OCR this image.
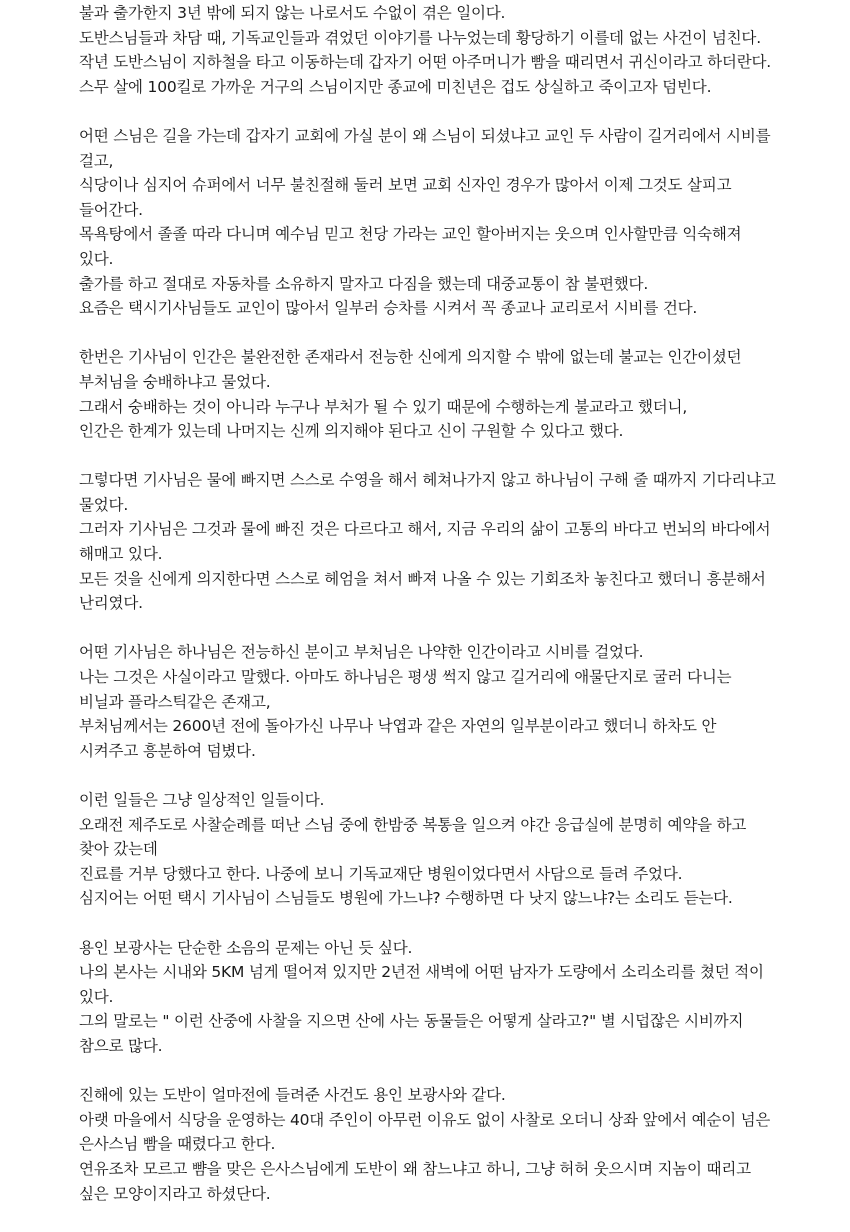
불과 출가한지 3년 밖에 되지 않는 나로서도 수없이 겪은 일이다.
도반스님들과 차담 때, 기독교인들과 겪었던 이야기를 나누었는데 황당하기 이를데 없는 사건이 넘친다.
작년 도반스님이 지하철을 타고 이동하는데 갑자기 어떤 아주머니가 빰을 때리면서 귀신이라고 하더란다.
스무 살에 100킬로 가까운 거구의 스님이지만 종교에 미친년은 겁도 상실하고 죽이고자 덤빈다.
어떤 스님은 길을 가는데 갑자기 교회에 가실 분이 왜 스님이 되셨냐고 교인 두 사람이 길거리에서 시비를 걸고,
식당이나 심지어 슈퍼에서 너무 불친절해 둘러 보면 교회 신자인 경우가 많아서 이제 그것도 살피고 들어간다.
목욕탕에서 졸졸 따라 다니며 예수님 믿고 천당 가라는 교인 할아버지는 웃으며 인사할만큼 익숙해져 있다.
출가를 하고 절대로 자동차를 소유하지 말자고 다짐을 했는데 대중교통이 참 불편했다.
요즘은 택시기사님들도 교인이 많아서 일부러 승차를 시켜서 꼭 종교나 교리로서 시비를 건다.
한번은 기사님이 인간은 불완전한 존재라서 전능한 신에게 의지할 수 밖에 없는데 불교는 인간이셨던 부처님을 숭배하냐고 물었다.
그래서 숭배하는 것이 아니라 누구나 부처가 될 수 있기 때문에 수행하는게 불교라고 했더니,
인간은 한계가 있는데 나머지는 신께 의지해야 된다고 신이 구원할 수 있다고 했다.
그렇다면 기사님은 물에 빠지면 스스로 수영을 해서 헤쳐나가지 않고 하나님이 구해 줄 때까지 기다리냐고 물었다.
그러자 기사님은 그것과 물에 빠진 것은 다르다고 해서, 지금 우리의 삶이 고통의 바다고 번뇌의 바다에서 해매고 있다.
모든 것을 신에게 의지한다면 스스로 헤엄을 쳐서 빠져 나올 수 있는 기회조차 놓친다고 했더니 흥분해서 난리였다.
어떤 기사님은 하나님은 전능하신 분이고 부처님은 나약한 인간이라고 시비를 걸었다.
나는 그것은 사실이라고 말했다. 아마도 하나님은 평생 썩지 않고 길거리에 애물단지로 굴러 다니는 비닐과 플라스틱같은 존재고,
부처님께서는 2600년 전에 돌아가신 나무나 낙엽과 같은 자연의 일부분이라고 했더니 하차도 안 시켜주고 흥분하여 덤볐다.
이런 일들은 그냥 일상적인 일들이다.
오래전 제주도로 사찰순례를 떠난 스님 중에 한밤중 복통을 일으켜 야간 응급실에 분명히 예약을 하고 찾아 갔는데
진료를 거부 당했다고 한다. 나중에 보니 기독교재단 병원이었다면서 사담으로 들려 주었다.
심지어는 어떤 택시 기사님이 스님들도 병원에 가느냐? 수행하면 다 낫지 않느냐?는 소리도 듣는다.
용인 보광사는 단순한 소음의 문제는 아닌 듯 싶다.
나의 본사는 시내와 5KM 넘게 떨어져 있지만 2년전 새벽에 어떤 남자가 도량에서 소리소리를 쳤던 적이 있다.
그의 말로는 " 이런 산중에 사찰을 지으면 산에 사는 동물들은 어떻게 살라고?" 별 시덥잖은 시비까지 참으로 많다.
진해에 있는 도반이 얼마전에 들려준 사건도 용인 보광사와 같다.
아랫 마을에서 식당을 운영하는 40대 주인이 아무런 이유도 없이 사찰로 오더니 상좌 앞에서 예순이 넘은 은사스님 빰을 때렸다고 한다.
연유조차 모르고 뺨을 맞은 은사스님에게 도반이 왜 참느냐고 하니, 그냥 허허 웃으시며 지놈이 때리고 싶은 모양이지라고 하셨단다.
